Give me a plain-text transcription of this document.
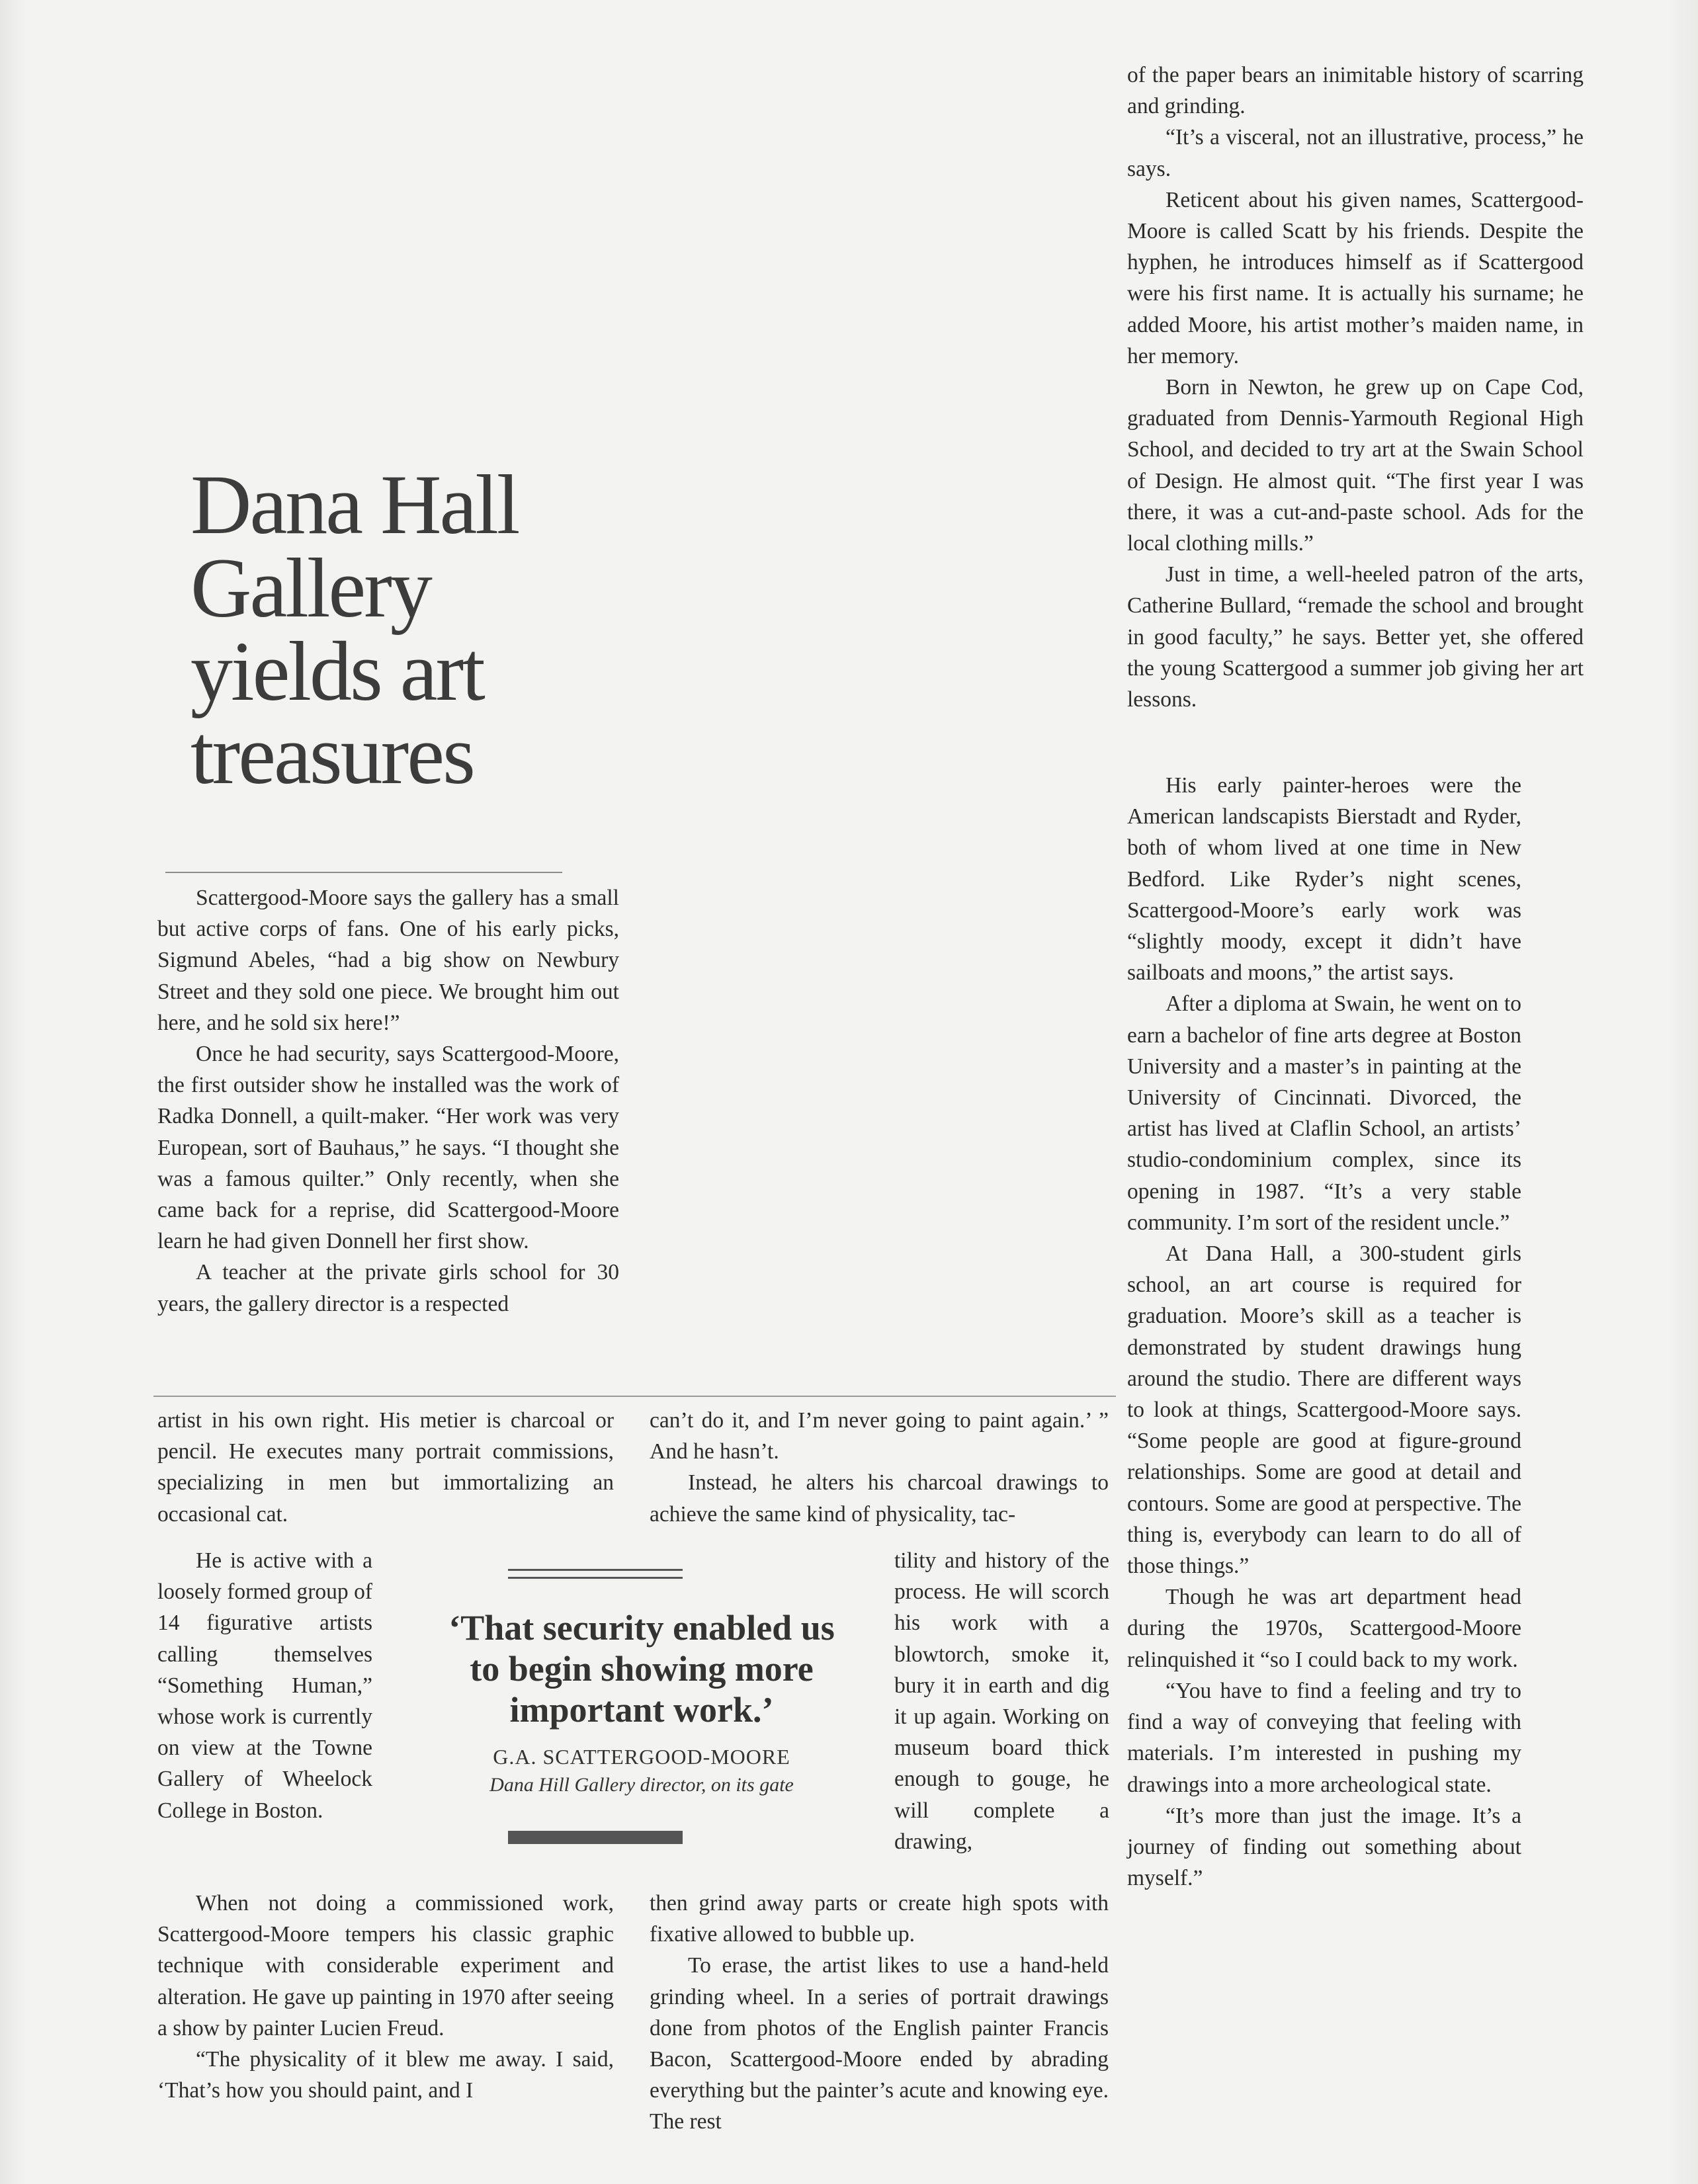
Dana Hall Gallery yields art treasures

Scattergood-Moore says the gallery has a small but active corps of fans. One of his early picks, Sigmund Abeles, “had a big show on Newbury Street and they sold one piece. We brought him out here, and he sold six here!”

Once he had security, says Scattergood-Moore, the first outsider show he installed was the work of Radka Donnell, a quilt-maker. “Her work was very European, sort of Bauhaus,” he says. “I thought she was a famous quilter.” Only recently, when she came back for a reprise, did Scattergood-Moore learn he had given Donnell her first show.

A teacher at the private girls school for 30 years, the gallery director is a respected

artist in his own right. His metier is charcoal or pencil. He executes many portrait commissions, specializing in men but immortalizing an occasional cat.

He is active with a loosely formed group of 14 figurative artists calling themselves “Something Human,” whose work is currently on view at the Towne Gallery of Wheelock College in Boston.

When not doing a commissioned work, Scattergood-Moore tempers his classic graphic technique with considerable experiment and alteration. He gave up painting in 1970 after seeing a show by painter Lucien Freud.

“The physicality of it blew me away. I said, ‘That’s how you should paint, and I

‘That security enabled us to begin showing more important work.’

G.A. SCATTERGOOD-MOORE
Dana Hill Gallery director, on its gate

can’t do it, and I’m never going to paint again.’ ” And he hasn’t.

Instead, he alters his charcoal drawings to achieve the same kind of physicality, tac-

tility and history of the process. He will scorch his work with a blowtorch, smoke it, bury it in earth and dig it up again. Working on museum board thick enough to gouge, he will complete a drawing,

then grind away parts or create high spots with fixative allowed to bubble up.

To erase, the artist likes to use a hand-held grinding wheel. In a series of portrait drawings done from photos of the English painter Francis Bacon, Scattergood-Moore ended by abrading everything but the painter’s acute and knowing eye. The rest

of the paper bears an inimitable history of scarring and grinding.

“It’s a visceral, not an illustrative, process,” he says.

Reticent about his given names, Scattergood-Moore is called Scatt by his friends. Despite the hyphen, he introduces himself as if Scattergood were his first name. It is actually his surname; he added Moore, his artist mother’s maiden name, in her memory.

Born in Newton, he grew up on Cape Cod, graduated from Dennis-Yarmouth Regional High School, and decided to try art at the Swain School of Design. He almost quit. “The first year I was there, it was a cut-and-paste school. Ads for the local clothing mills.”

Just in time, a well-heeled patron of the arts, Catherine Bullard, “remade the school and brought in good faculty,” he says. Better yet, she offered the young Scattergood a summer job giving her art lessons.

His early painter-heroes were the American landscapists Bierstadt and Ryder, both of whom lived at one time in New Bedford. Like Ryder’s night scenes, Scattergood-Moore’s early work was “slightly moody, except it didn’t have sailboats and moons,” the artist says.

After a diploma at Swain, he went on to earn a bachelor of fine arts degree at Boston University and a master’s in painting at the University of Cincinnati. Divorced, the artist has lived at Claflin School, an artists’ studio-condominium complex, since its opening in 1987. “It’s a very stable community. I’m sort of the resident uncle.”

At Dana Hall, a 300-student girls school, an art course is required for graduation. Moore’s skill as a teacher is demonstrated by student drawings hung around the studio. There are different ways to look at things, Scattergood-Moore says. “Some people are good at figure-ground relationships. Some are good at detail and contours. Some are good at perspective. The thing is, everybody can learn to do all of those things.”

Though he was art department head during the 1970s, Scattergood-Moore relinquished it “so I could back to my work.

“You have to find a feeling and try to find a way of conveying that feeling with materials. I’m interested in pushing my drawings into a more archeological state.

“It’s more than just the image. It’s a journey of finding out something about myself.”
